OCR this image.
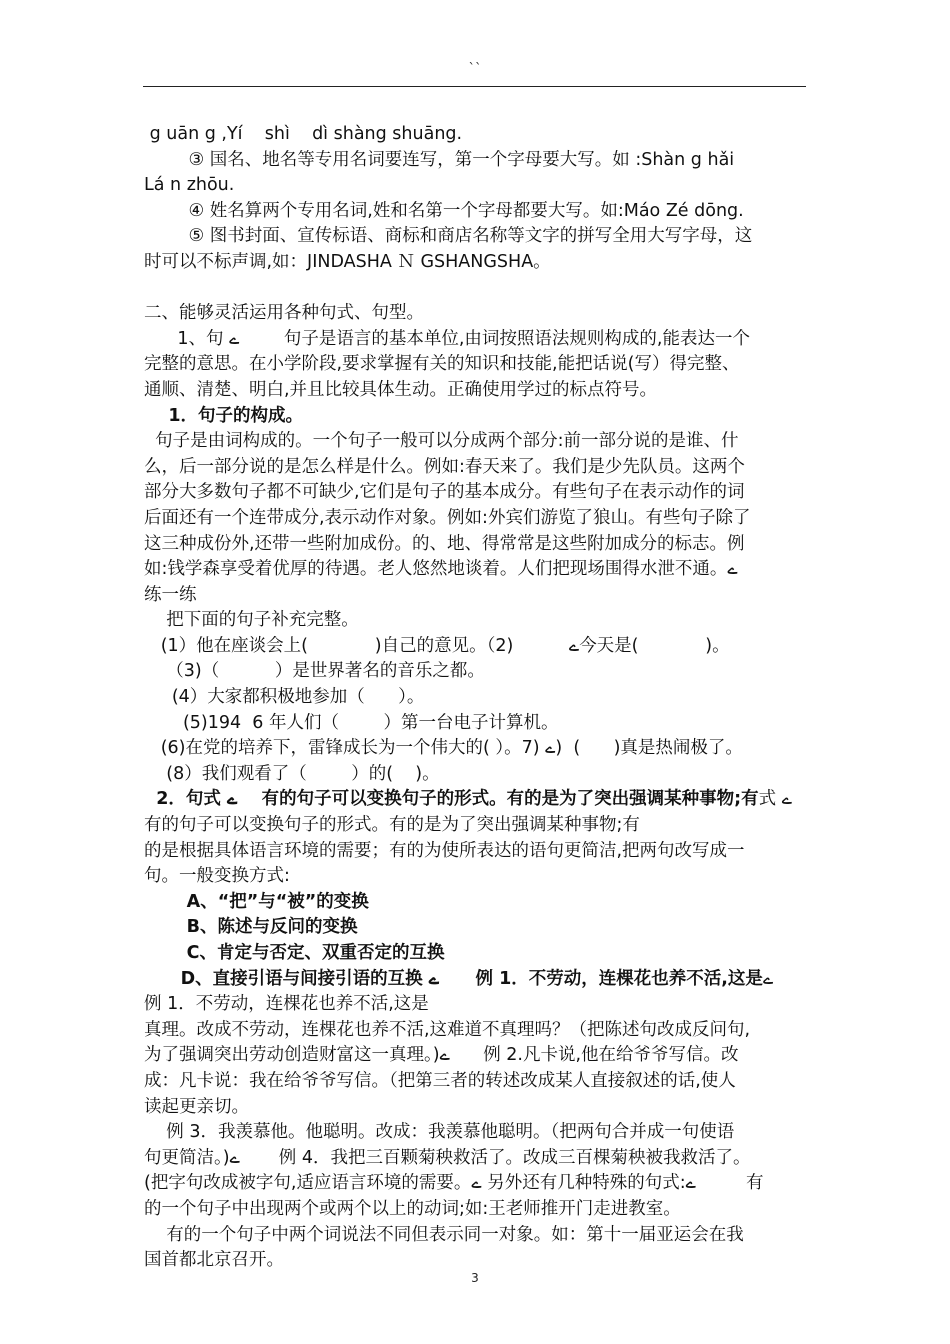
``

g uān g ,Yí    shì    dì shàng shuāng.

③ 国名、地名等专用名词要连写，第一个字母要大写。如 :Shàn g hǎi

Lá n zhōu.

④ 姓名算两个专用名词,姓和名第一个字母都要大写。如:Máo Zé dōng.

⑤ 图书封面、宣传标语、商标和商店名称等文字的拼写全用大写字母，这

时可以不标声调,如：JINDASHA Ｎ GSHANGSHA。

二、能够灵活运用各种句式、句型。

1、句 ے        句子是语言的基本单位,由词按照语法规则构成的,能表达一个

完整的意思。在小学阶段,要求掌握有关的知识和技能,能把话说(写）得完整、

通顺、清楚、明白,并且比较具体生动。正确使用学过的标点符号。

1．句子的构成。

句子是由词构成的。一个句子一般可以分成两个部分:前一部分说的是谁、什

么，后一部分说的是怎么样是什么。例如:春天来了。我们是少先队员。这两个

部分大多数句子都不可缺少,它们是句子的基本成分。有些句子在表示动作的词

后面还有一个连带成分,表示动作对象。例如:外宾们游览了狼山。有些句子除了

这三种成份外,还带一些附加成份。的、地、得常常是这些附加成分的标志。例

如:钱学森享受着优厚的待遇。老人悠然地谈着。人们把现场围得水泄不通。ے

练一练

把下面的句子补充完整。

(1）他在座谈会上(            )自己的意见。（2)          ے今天是(            )。

（3)（          ）是世界著名的音乐之都。

(4）大家都积极地参加（      ）。

(5)194  6 年人们（        ）第一台电子计算机。

(6)在党的培养下，雷锋成长为一个伟大的( ）。7) ے)  (      )真是热闹极了。

(8）我们观看了（        ）的(    )。

2．句式 ے    有的句子可以变换句子的形式。有的是为了突出强调某种事物;有式 ے    有的句子可以变换句子的形式。有的是为了突出强调某种事物;有

的是根据具体语言环境的需要；有的为使所表达的语句更简洁,把两句改写成一

句。一般变换方式:

A、“把”与“被”的变换

B、陈述与反问的变换

C、肯定与否定、双重否定的互换

D、直接引语与间接引语的互换 ے      例 1．不劳动，连棵花也养不活,这是ے      例 1．不劳动，连棵花也养不活,这是

真理。改成不劳动，连棵花也养不活,这难道不真理吗？（把陈述句改成反问句,

为了强调突出劳动创造财富这一真理。)ے      例 2.凡卡说,他在给爷爷写信。改

成：凡卡说：我在给爷爷写信。（把第三者的转述改成某人直接叙述的话,使人

读起更亲切。

例 3．我羡慕他。他聪明。改成：我羡慕他聪明。（把两句合并成一句使语

句更简洁。)ے       例 4．我把三百颗菊秧救活了。改成三百棵菊秧被我救活了。

(把字句改成被字句,适应语言环境的需要。ے 另外还有几种特殊的句式:ے         有

的一个句子中出现两个或两个以上的动词;如:王老师推开门走进教室。

有的一个句子中两个词说法不同但表示同一对象。如：第十一届亚运会在我

国首都北京召开。

3
